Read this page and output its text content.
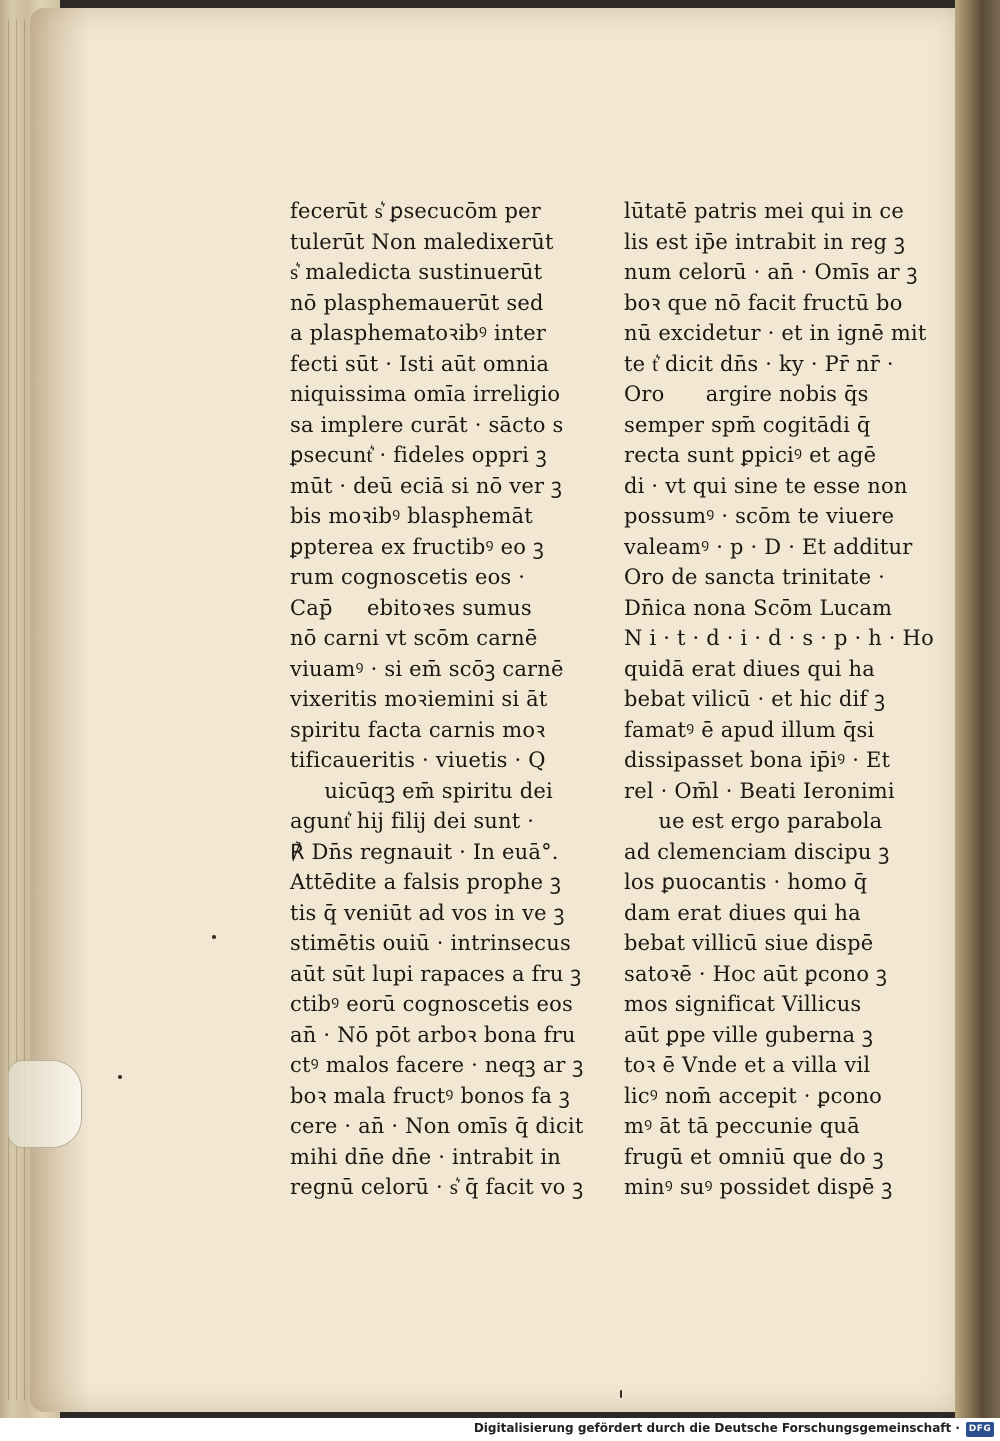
fecerūt s͛ ꝑsecucōm per
tulerūt Non maledixerūt
s͛ maledicta sustinuerūt
nō plasphemauerūt sed
a plasphematoꝛibꝰ inter
fecti sūt · Isti aūt omnia
niquissima omīa irreligio
sa implere curāt · sācto s
ꝑsecunt͛ · fideles oppri ꝫ
mūt · deū eciā si nō ver ꝫ
bis moꝛibꝰ blasphemāt
ꝑpterea ex fructibꝰ eo ꝫ
rum cognoscetis eos ·
Cap̄     ebitoꝛes sumus
nō carni vt scōm carnē
viuamꝰ · si em̄ scōꝫ carnē
vixeritis moꝛiemini si āt
spiritu facta carnis moꝛ
tificaueritis · viuetis · Q
uicūqꝫ em̄ spiritu dei
agunt͛ hij filij dei sunt ·
℟ Dn̄s regnauit · In euā°.
Attēdite a falsis prophe ꝫ
tis q̄ veniūt ad vos in ve ꝫ
stimētis ouiū · intrinsecus
aūt sūt lupi rapaces a fru ꝫ
ctibꝰ eorū cognoscetis eos
an̄ · Nō pōt arboꝛ bona fru
ctꝰ malos facere · neqꝫ ar ꝫ
boꝛ mala fructꝰ bonos fa ꝫ
cere · an̄ · Non omīs q̄ dicit
mihi dn̄e dn̄e · intrabit in
regnū celorū · s͛ q̄ facit vo ꝫ
lūtatē patris mei qui in ce
lis est ip̄e intrabit in reg ꝫ
num celorū · an̄ · Omīs ar ꝫ
boꝛ que nō facit fructū bo
nū excidetur · et in ignē mit
te t͛ dicit dn̄s · ky · Pr̄ nr̄ ·
Oro      argire nobis q̄s
semper spm̄ cogitādi q̄
recta sunt ꝑpiciꝰ et agē
di · vt qui sine te esse non
possumꝰ · scōm te viuere
valeamꝰ · p · D · Et additur
Oro de sancta trinitate ·
Dn̄ica nona Scōm Lucam
N i · t · d · i · d · s · p · h · Ho
quidā erat diues qui ha
bebat vilicū · et hic dif ꝫ
famatꝰ ē apud illum q̄si
dissipasset bona ip̄iꝰ · Et
rel · Om̄l · Beati Ieronimi
ue est ergo parabola
ad clemenciam discipu ꝫ
los ꝑuocantis · homo q̄
dam erat diues qui ha
bebat villicū siue dispē
satoꝛē · Hoc aūt ꝑcono ꝫ
mos significat Villicus
aūt ꝑpe ville guberna ꝫ
toꝛ ē Vnde et a villa vil
licꝰ nom̄ accepit · ꝑcono
mꝰ āt tā peccunie quā
frugū et omniū que do ꝫ
minꝰ suꝰ possidet dispē ꝫ
Digitalisierung gefördert durch die Deutsche Forschungsgemeinschaft · DFG
